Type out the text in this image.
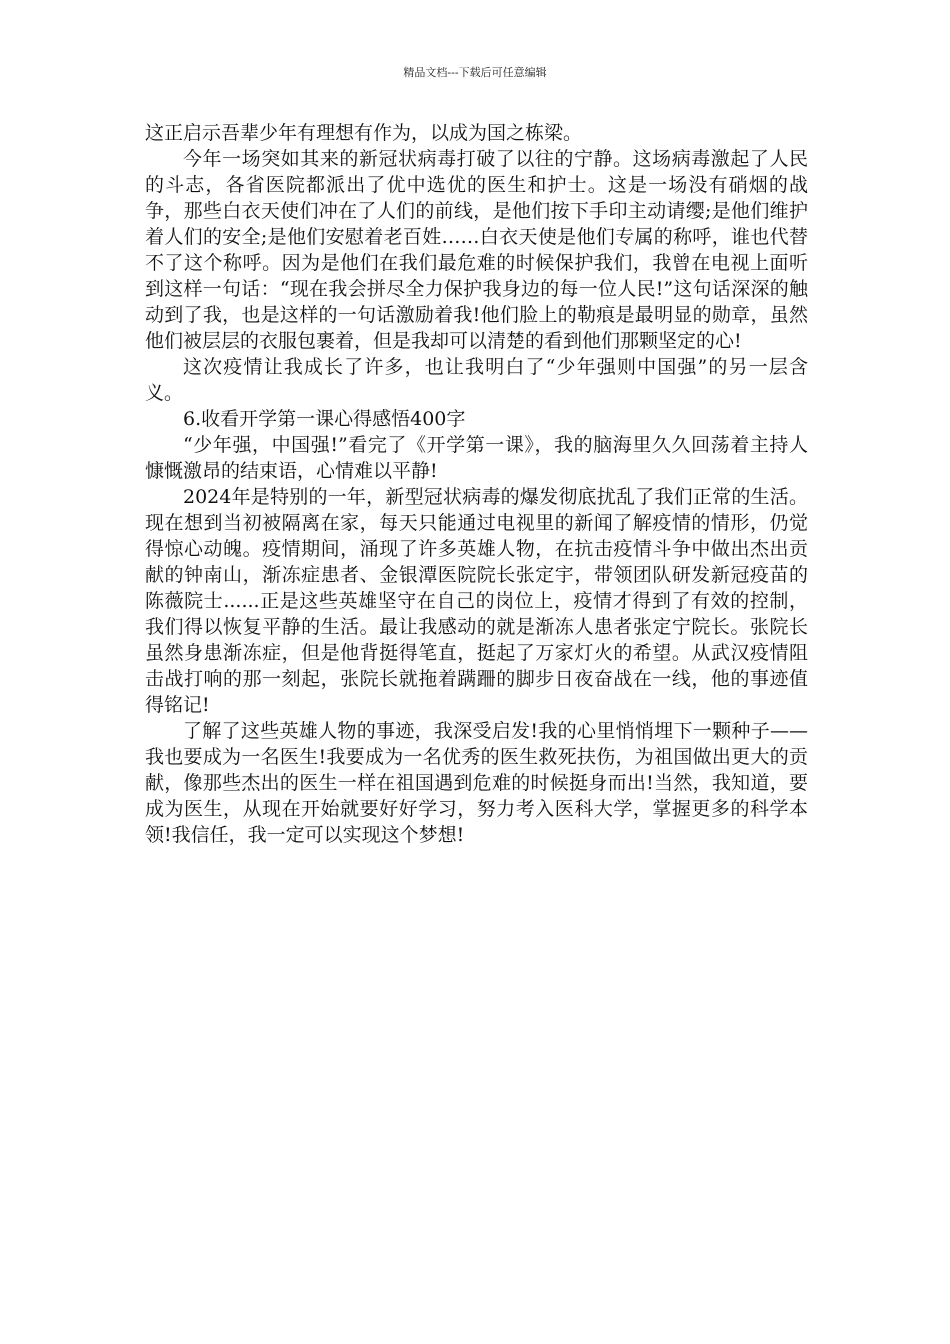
精品文档---下载后可任意编辑

这正启示吾辈少年有理想有作为，以成为国之栋梁。

今年一场突如其来的新冠状病毒打破了以往的宁静。这场病毒激起了人民的斗志，各省医院都派出了优中选优的医生和护士。这是一场没有硝烟的战争，那些白衣天使们冲在了人们的前线，是他们按下手印主动请缨;是他们维护着人们的安全;是他们安慰着老百姓……白衣天使是他们专属的称呼，谁也代替不了这个称呼。因为是他们在我们最危难的时候保护我们，我曾在电视上面听到这样一句话：“现在我会拼尽全力保护我身边的每一位人民!”这句话深深的触动到了我，也是这样的一句话激励着我!他们脸上的勒痕是最明显的勋章，虽然他们被层层的衣服包裹着，但是我却可以清楚的看到他们那颗坚定的心!

这次疫情让我成长了许多，也让我明白了“少年强则中国强”的另一层含义。

6.收看开学第一课心得感悟400字

“少年强，中国强!”看完了《开学第一课》，我的脑海里久久回荡着主持人慷慨激昂的结束语，心情难以平静!

2024年是特别的一年，新型冠状病毒的爆发彻底扰乱了我们正常的生活。现在想到当初被隔离在家，每天只能通过电视里的新闻了解疫情的情形，仍觉得惊心动魄。疫情期间，涌现了许多英雄人物，在抗击疫情斗争中做出杰出贡献的钟南山，渐冻症患者、金银潭医院院长张定宇，带领团队研发新冠疫苗的陈薇院士......正是这些英雄坚守在自己的岗位上，疫情才得到了有效的控制，我们得以恢复平静的生活。最让我感动的就是渐冻人患者张定宁院长。张院长虽然身患渐冻症，但是他背挺得笔直，挺起了万家灯火的希望。从武汉疫情阻击战打响的那一刻起，张院长就拖着蹒跚的脚步日夜奋战在一线，他的事迹值得铭记!

了解了这些英雄人物的事迹，我深受启发!我的心里悄悄埋下一颗种子——我也要成为一名医生!我要成为一名优秀的医生救死扶伤，为祖国做出更大的贡献，像那些杰出的医生一样在祖国遇到危难的时候挺身而出!当然，我知道，要成为医生，从现在开始就要好好学习，努力考入医科大学，掌握更多的科学本领!我信任，我一定可以实现这个梦想!
